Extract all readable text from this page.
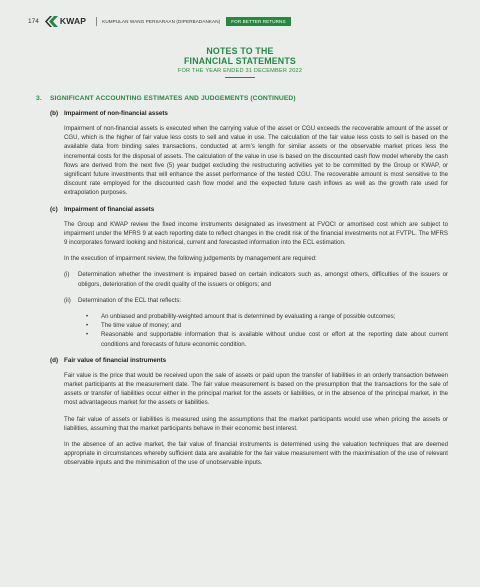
174 KWAP	KUMPULAN WANG PERSARAAN (DIPERBADANKAN)	FOR BETTER RETURNS
NOTES TO THE
FINANCIAL STATEMENTS
FOR THE YEAR ENDED 31 DECEMBER 2022
3.	SIGNIFICANT ACCOUNTING ESTIMATES AND JUDGEMENTS (CONTINUED)
(b) Impairment of non-financial assets

Impairment of non-financial assets is executed when the carrying value of the asset or CGU exceeds the recoverable amount of the asset or CGU, which is the higher of fair value less costs to sell and value in use. The calculation of the fair value less costs to sell is based on the available data from binding sales transactions, conducted at arm’s length for similar assets or the observable market prices less the incremental costs for the disposal of assets. The calculation of the value in use is based on the discounted cash flow model whereby the cash flows are derived from the next five (5) year budget excluding the restructuring activities yet to be committed by the Group or KWAP, or significant future investments that will enhance the asset performance of the tested CGU. The recoverable amount is most sensitive to the discount rate employed for the discounted cash flow model and the expected future cash inflows as well as the growth rate used for extrapolation purposes.

(c) Impairment of financial assets

The Group and KWAP review the fixed income instruments designated as investment at FVOCI or amortised cost which are subject to impairment under the MFRS 9 at each reporting date to reflect changes in the credit risk of the financial investments not at FVTPL. The MFRS 9 incorporates forward looking and historical, current and forecasted information into the ECL estimation.

In the execution of impairment review, the following judgements by management are required:

(i)	Determination whether the investment is impaired based on certain indicators such as, amongst others, difficulties of the issuers or obligors, deterioration of the credit quality of the issuers or obligors; and

(ii)	Determination of the ECL that reflects:

•	An unbiased and probability-weighted amount that is determined by evaluating a range of possible outcomes;

•	The time value of money; and

•	Reasonable and supportable information that is available without undue cost or effort at the reporting date about current conditions and forecasts of future economic condition.

(d) Fair value of financial instruments

Fair value is the price that would be received upon the sale of assets or paid upon the transfer of liabilities in an orderly transaction between market participants at the measurement date. The fair value measurement is based on the presumption that the transactions for the sale of assets or transfer of liabilities occur either in the principal market for the assets or liabilities, or in the absence of the principal market, in the most advantageous market for the assets or liabilities.

The fair value of assets or liabilities is measured using the assumptions that the market participants would use when pricing the assets or liabilities, assuming that the market participants behave in their economic best interest.

In the absence of an active market, the fair value of financial instruments is determined using the valuation techniques that are deemed appropriate in circumstances whereby sufficient data are available for the fair value measurement with the maximisation of the use of relevant observable inputs and the minimisation of the use of unobservable inputs.
